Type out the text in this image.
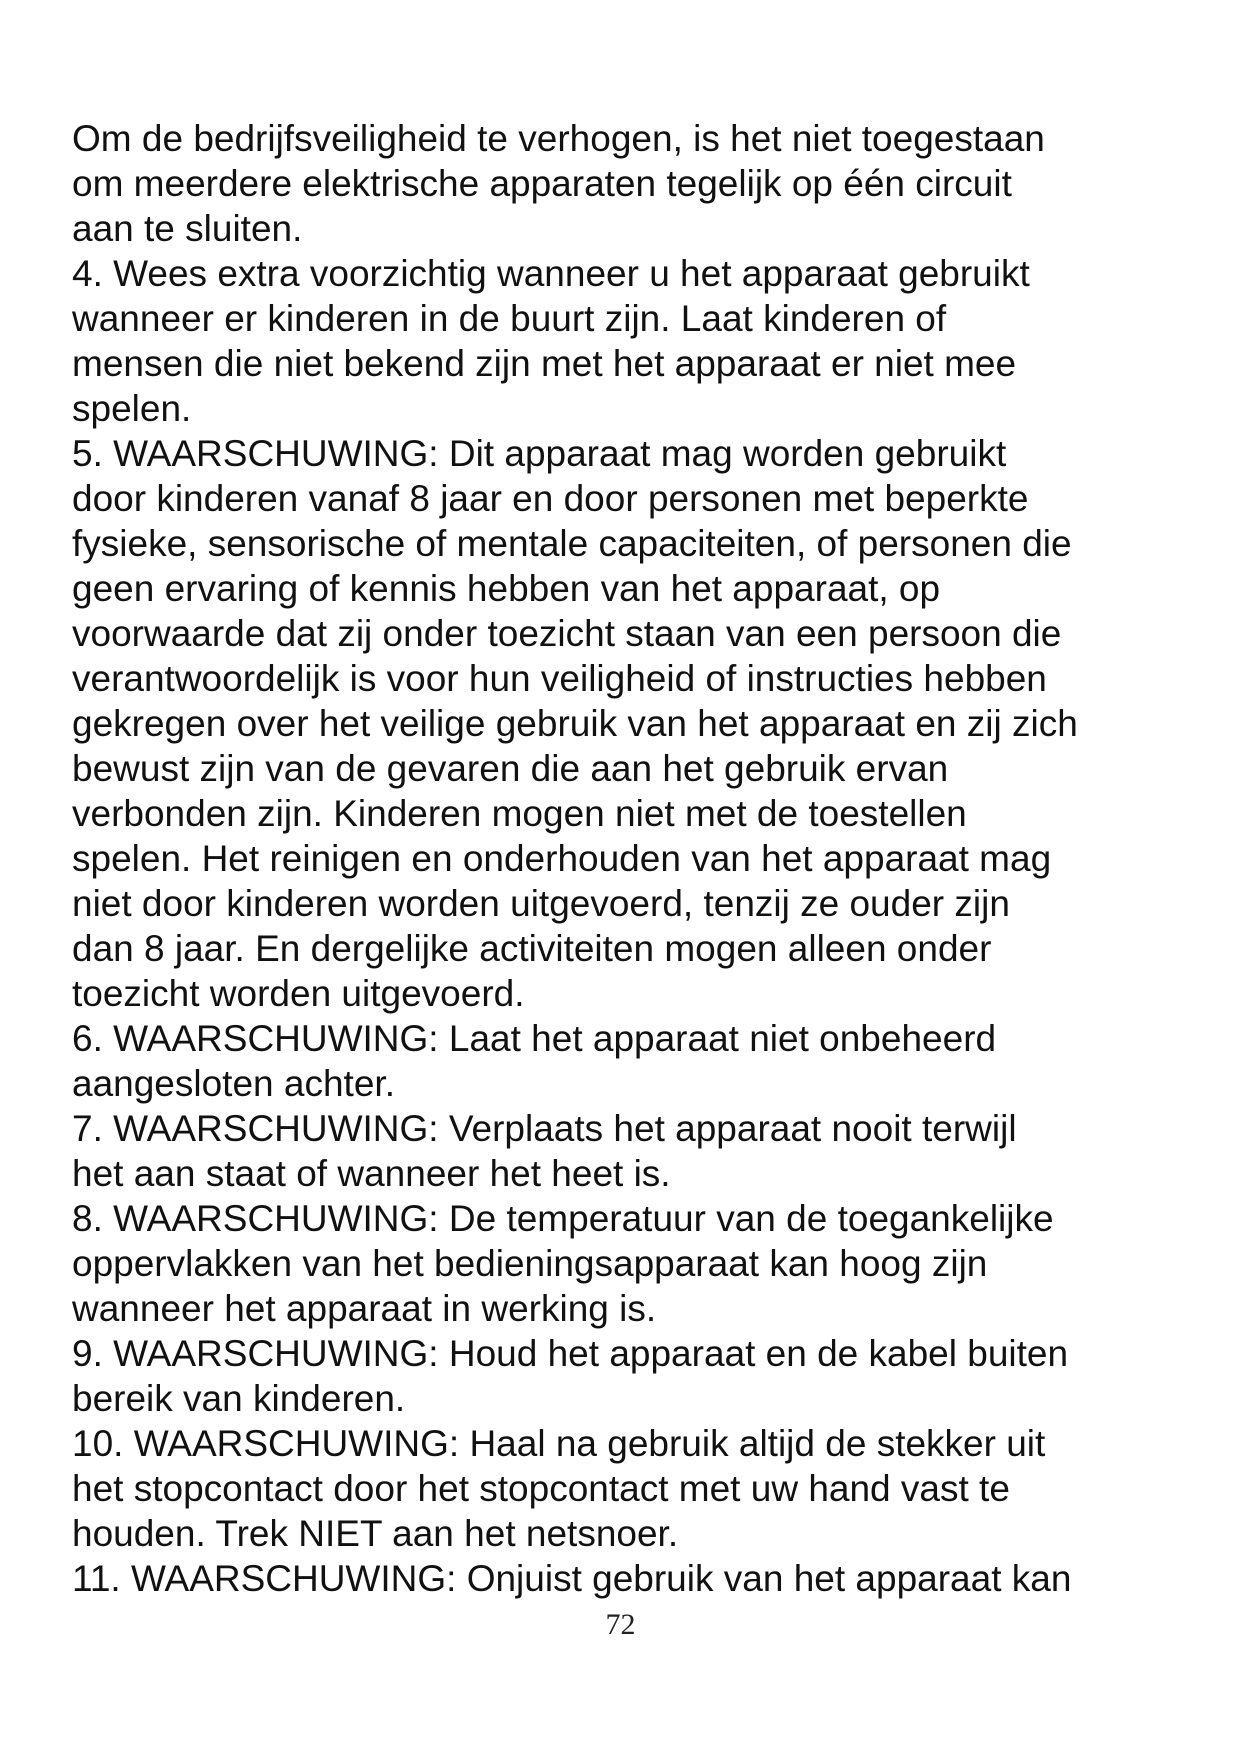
Om de bedrijfsveiligheid te verhogen, is het niet toegestaan
om meerdere elektrische apparaten tegelijk op één circuit
aan te sluiten.
4. Wees extra voorzichtig wanneer u het apparaat gebruikt
wanneer er kinderen in de buurt zijn. Laat kinderen of
mensen die niet bekend zijn met het apparaat er niet mee
spelen.
5. WAARSCHUWING: Dit apparaat mag worden gebruikt
door kinderen vanaf 8 jaar en door personen met beperkte
fysieke, sensorische of mentale capaciteiten, of personen die
geen ervaring of kennis hebben van het apparaat, op
voorwaarde dat zij onder toezicht staan van een persoon die
verantwoordelijk is voor hun veiligheid of instructies hebben
gekregen over het veilige gebruik van het apparaat en zij zich
bewust zijn van de gevaren die aan het gebruik ervan
verbonden zijn. Kinderen mogen niet met de toestellen
spelen. Het reinigen en onderhouden van het apparaat mag
niet door kinderen worden uitgevoerd, tenzij ze ouder zijn
dan 8 jaar. En dergelijke activiteiten mogen alleen onder
toezicht worden uitgevoerd.
6. WAARSCHUWING: Laat het apparaat niet onbeheerd
aangesloten achter.
7. WAARSCHUWING: Verplaats het apparaat nooit terwijl
het aan staat of wanneer het heet is.
8. WAARSCHUWING: De temperatuur van de toegankelijke
oppervlakken van het bedieningsapparaat kan hoog zijn
wanneer het apparaat in werking is.
9. WAARSCHUWING: Houd het apparaat en de kabel buiten
bereik van kinderen.
10. WAARSCHUWING: Haal na gebruik altijd de stekker uit
het stopcontact door het stopcontact met uw hand vast te
houden. Trek NIET aan het netsnoer.
11. WAARSCHUWING: Onjuist gebruik van het apparaat kan
72
